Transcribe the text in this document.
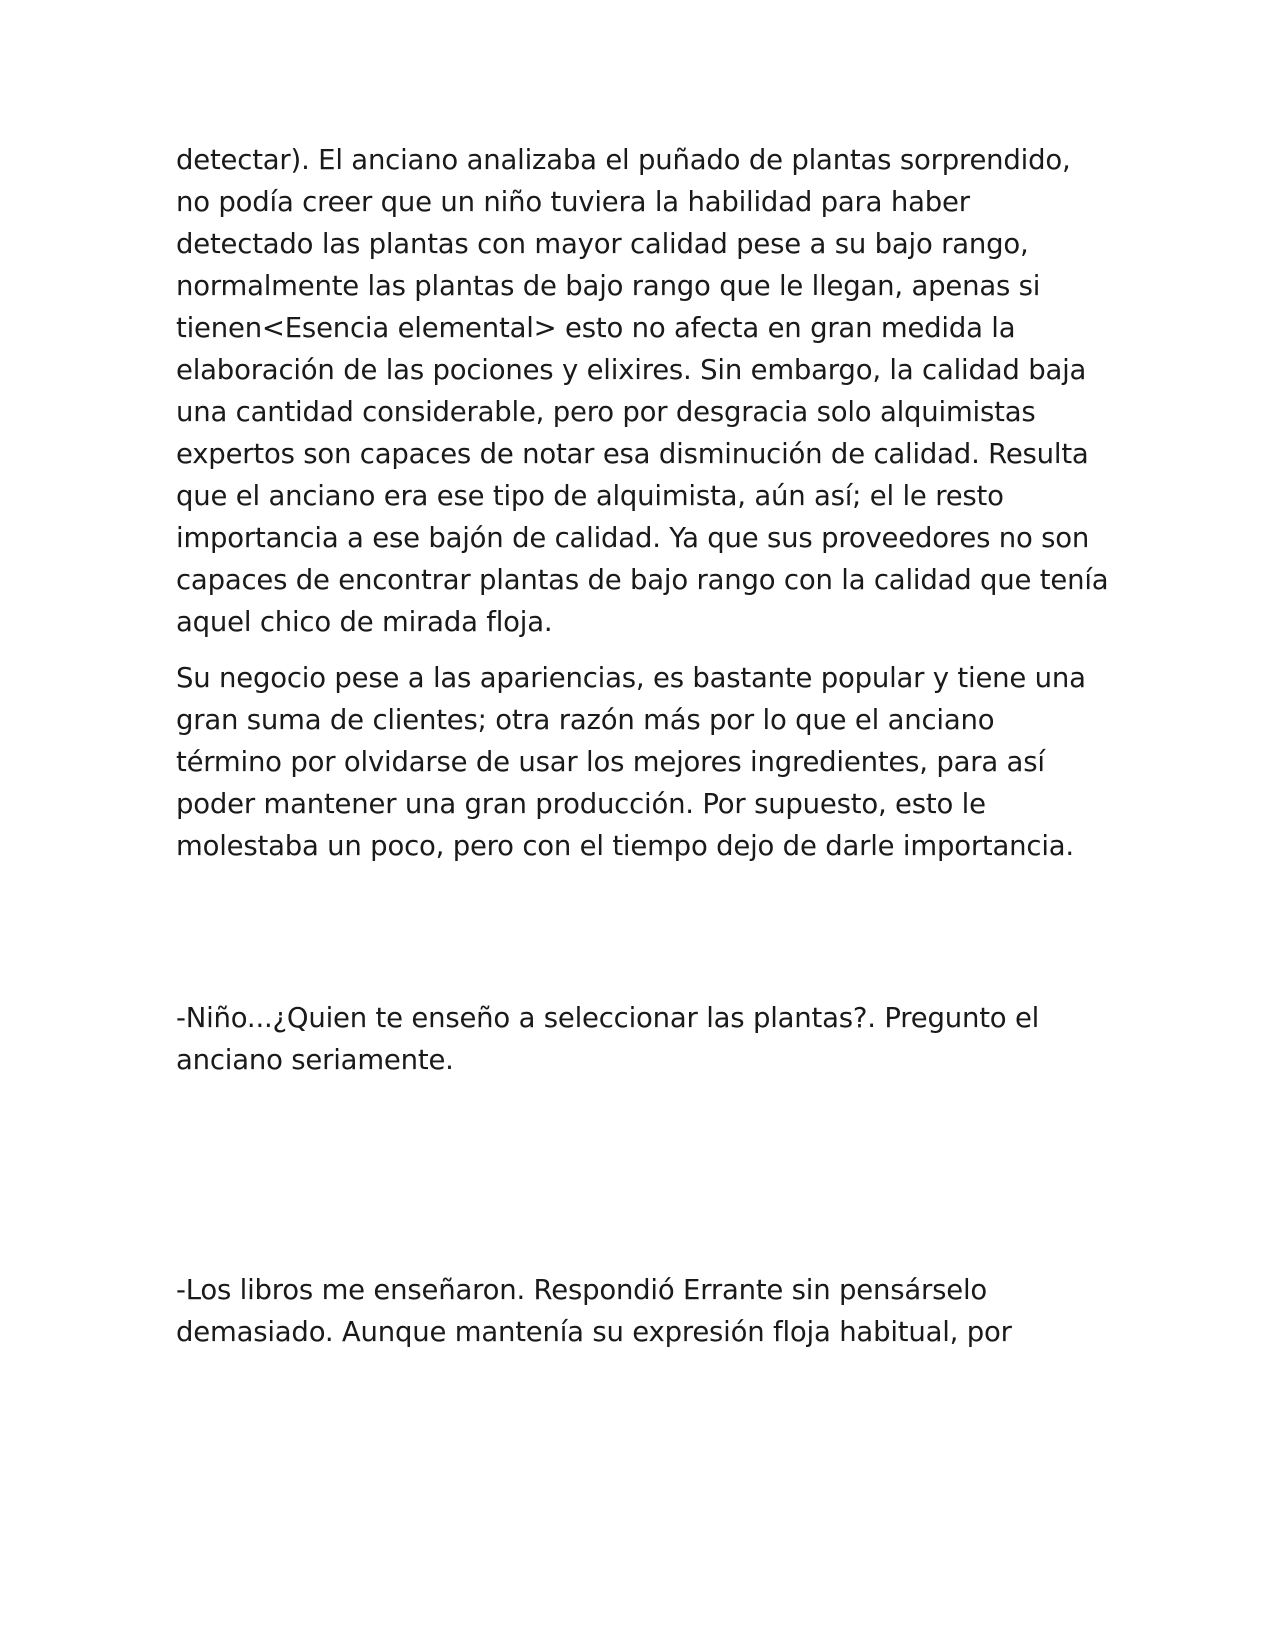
detectar). El anciano analizaba el puñado de plantas sorprendido,

no podía creer que un niño tuviera la habilidad para haber

detectado las plantas con mayor calidad pese a su bajo rango,

normalmente las plantas de bajo rango que le llegan, apenas si

tienen<Esencia elemental> esto no afecta en gran medida la

elaboración de las pociones y elixires. Sin embargo, la calidad baja

una cantidad considerable, pero por desgracia solo alquimistas

expertos son capaces de notar esa disminución de calidad. Resulta

que el anciano era ese tipo de alquimista, aún así; el le resto

importancia a ese bajón de calidad. Ya que sus proveedores no son

capaces de encontrar plantas de bajo rango con la calidad que tenía

aquel chico de mirada floja.

Su negocio pese a las apariencias, es bastante popular y tiene una

gran suma de clientes; otra razón más por lo que el anciano

término por olvidarse de usar los mejores ingredientes, para así

poder mantener una gran producción. Por supuesto, esto le

molestaba un poco, pero con el tiempo dejo de darle importancia.

-Niño...¿Quien te enseño a seleccionar las plantas?. Pregunto el

anciano seriamente.

-Los libros me enseñaron. Respondió Errante sin pensárselo

demasiado. Aunque mantenía su expresión floja habitual, por
